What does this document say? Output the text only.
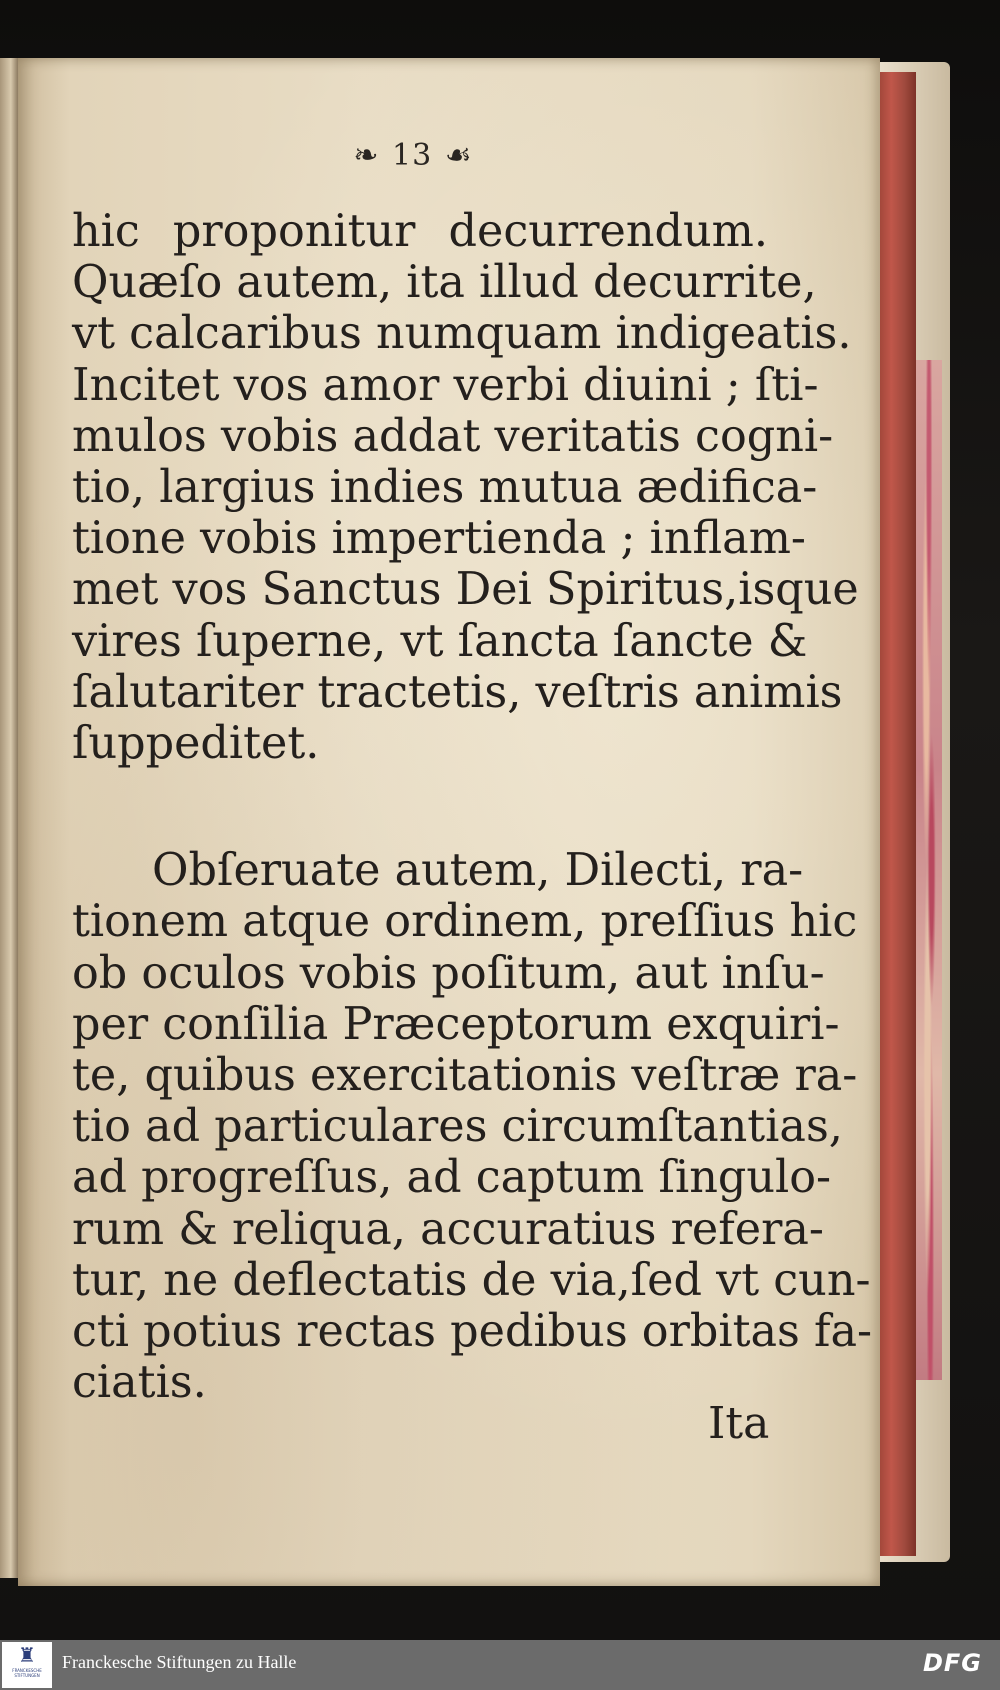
❧ 13 ☙
hic proponitur decurrendum.
Quæſo autem, ita illud decurrite,
vt calcaribus numquam indigeatis.
Incitet vos amor verbi diuini ; ſti-
mulos vobis addat veritatis cogni-
tio, largius indies mutua ædifica-
tione vobis impertienda ; inflam-
met vos Sanctus Dei Spiritus,isque
vires ſuperne, vt ſancta ſancte &
ſalutariter tractetis, veſtris animis
ſuppeditet.
Obſeruate autem, Dilecti, ra-
tionem atque ordinem, preſſius hic
ob oculos vobis poſitum, aut inſu-
per conſilia Præceptorum exquiri-
te, quibus exercitationis veſtræ ra-
tio ad particulares circumſtantias,
ad progreſſus, ad captum ſingulo-
rum & reliqua, accuratius refera-
tur, ne deflectatis de via,ſed vt cun-
cti potius rectas pedibus orbitas fa-
ciatis.
Ita
♜
FRANCKESCHE STIFTUNGEN
Franckesche Stiftungen zu Halle	DFG
